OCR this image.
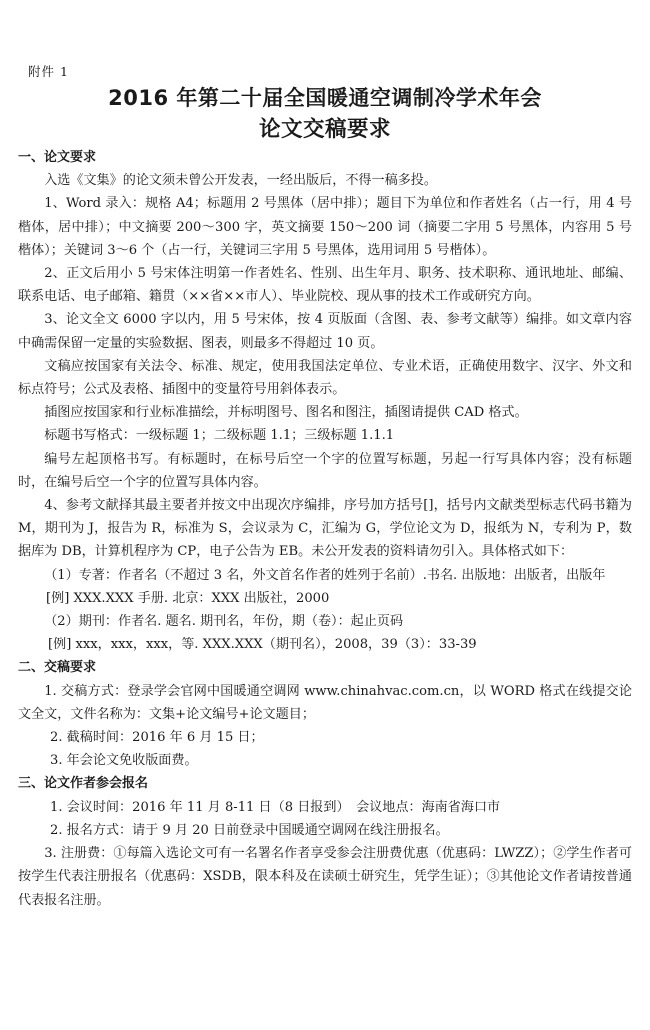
附件 1
2016 年第二十届全国暖通空调制冷学术年会
论文交稿要求

一、论文要求

入选《文集》的论文须未曾公开发表，一经出版后，不得一稿多投。

1、Word 录入：规格 A4；标题用 2 号黑体（居中排）；题目下为单位和作者姓名（占一行，用 4 号楷体，居中排）；中文摘要 200～300 字，英文摘要 150～200 词（摘要二字用 5 号黑体，内容用 5 号楷体）；关键词 3～6 个（占一行，关键词三字用 5 号黑体，选用词用 5 号楷体）。

2、正文后用小 5 号宋体注明第一作者姓名、性别、出生年月、职务、技术职称、通讯地址、邮编、联系电话、电子邮箱、籍贯（××省××市人）、毕业院校、现从事的技术工作或研究方向。

3、论文全文 6000 字以内，用 5 号宋体，按 4 页版面（含图、表、参考文献等）编排。如文章内容中确需保留一定量的实验数据、图表，则最多不得超过 10 页。

文稿应按国家有关法令、标准、规定，使用我国法定单位、专业术语，正确使用数字、汉字、外文和标点符号；公式及表格、插图中的变量符号用斜体表示。

插图应按国家和行业标准描绘，并标明图号、图名和图注，插图请提供 CAD 格式。

标题书写格式：一级标题 1；二级标题 1.1；三级标题 1.1.1

编号左起顶格书写。有标题时，在标号后空一个字的位置写标题，另起一行写具体内容；没有标题时，在编号后空一个字的位置写具体内容。

4、参考文献择其最主要者并按文中出现次序编排，序号加方括号[]，括号内文献类型标志代码书籍为 M，期刊为 J，报告为 R，标准为 S，会议录为 C，汇编为 G，学位论文为 D，报纸为 N，专利为 P，数据库为 DB，计算机程序为 CP，电子公告为 EB。未公开发表的资料请勿引入。具体格式如下：

（1）专著：作者名（不超过 3 名，外文首名作者的姓列于名前）.书名. 出版地：出版者，出版年

[例] XXX.XXX 手册. 北京：XXX 出版社，2000

（2）期刊：作者名. 题名. 期刊名，年份，期（卷）：起止页码

[例] xxx，xxx，xxx，等. XXX.XXX（期刊名），2008，39（3）：33-39

二、交稿要求

1. 交稿方式：登录学会官网中国暖通空调网 www.chinahvac.com.cn，以 WORD 格式在线提交论文全文，文件名称为：文集+论文编号+论文题目；

2. 截稿时间：2016 年 6 月 15 日；

3. 年会论文免收版面费。

三、论文作者参会报名

1. 会议时间：2016 年 11 月 8-11 日（8 日报到）　会议地点：海南省海口市

2. 报名方式：请于 9 月 20 日前登录中国暖通空调网在线注册报名。

3. 注册费：①每篇入选论文可有一名署名作者享受参会注册费优惠（优惠码：LWZZ）；②学生作者可按学生代表注册报名（优惠码：XSDB，限本科及在读硕士研究生，凭学生证）；③其他论文作者请按普通代表报名注册。
